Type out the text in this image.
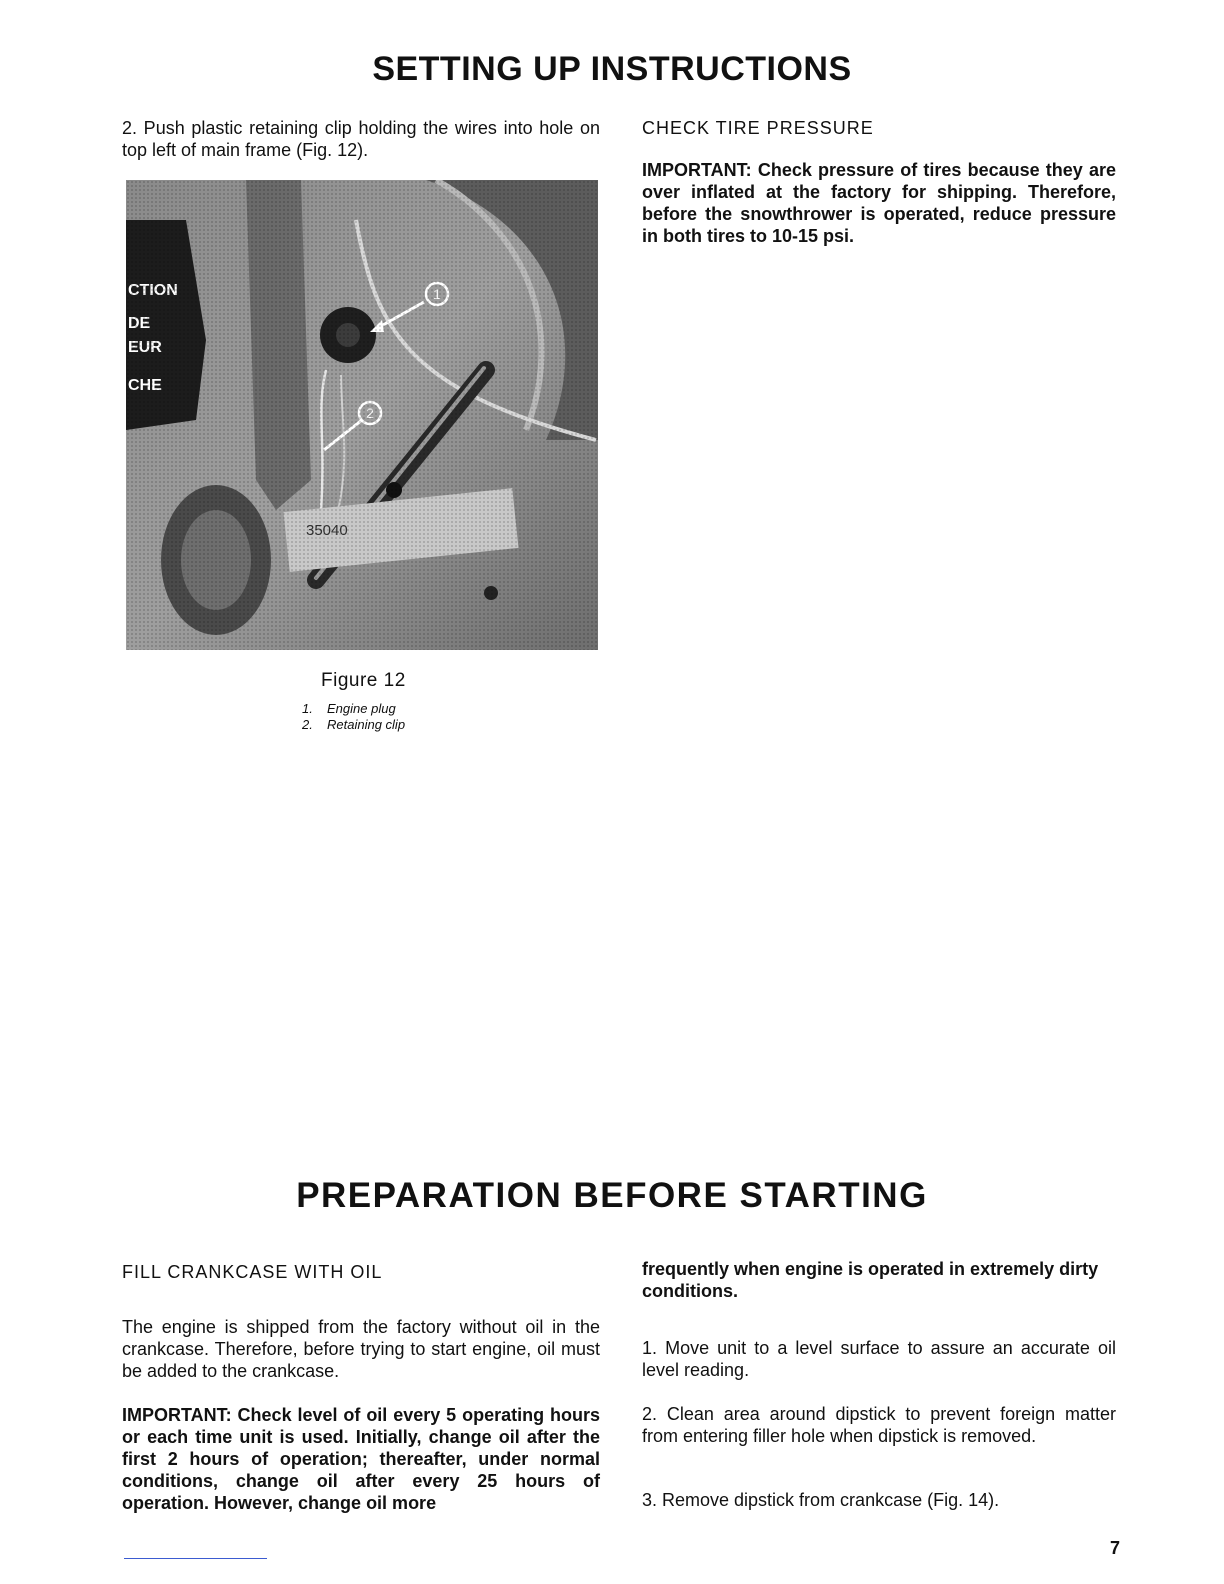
SETTING UP INSTRUCTIONS

2. Push plastic retaining clip holding the wires into hole on top left of main frame (Fig. 12).

Figure 12
1. Engine plug
2. Retaining clip
CHECK TIRE PRESSURE

IMPORTANT: Check pressure of tires because they are over inflated at the factory for shipping. Therefore, before the snowthrower is operated, reduce pressure in both tires to 10-15 psi.

PREPARATION BEFORE STARTING
FILL CRANKCASE WITH OIL

The engine is shipped from the factory without oil in the crankcase. Therefore, before trying to start engine, oil must be added to the crankcase.

IMPORTANT: Check level of oil every 5 operating hours or each time unit is used. Initially, change oil after the first 2 hours of operation; thereafter, under normal conditions, change oil after every 25 hours of operation. However, change oil more

frequently when engine is operated in extremely dirty conditions.

1. Move unit to a level surface to assure an accurate oil level reading.

2. Clean area around dipstick to prevent foreign matter from entering filler hole when dipstick is removed.

3. Remove dipstick from crankcase (Fig. 14).

7
